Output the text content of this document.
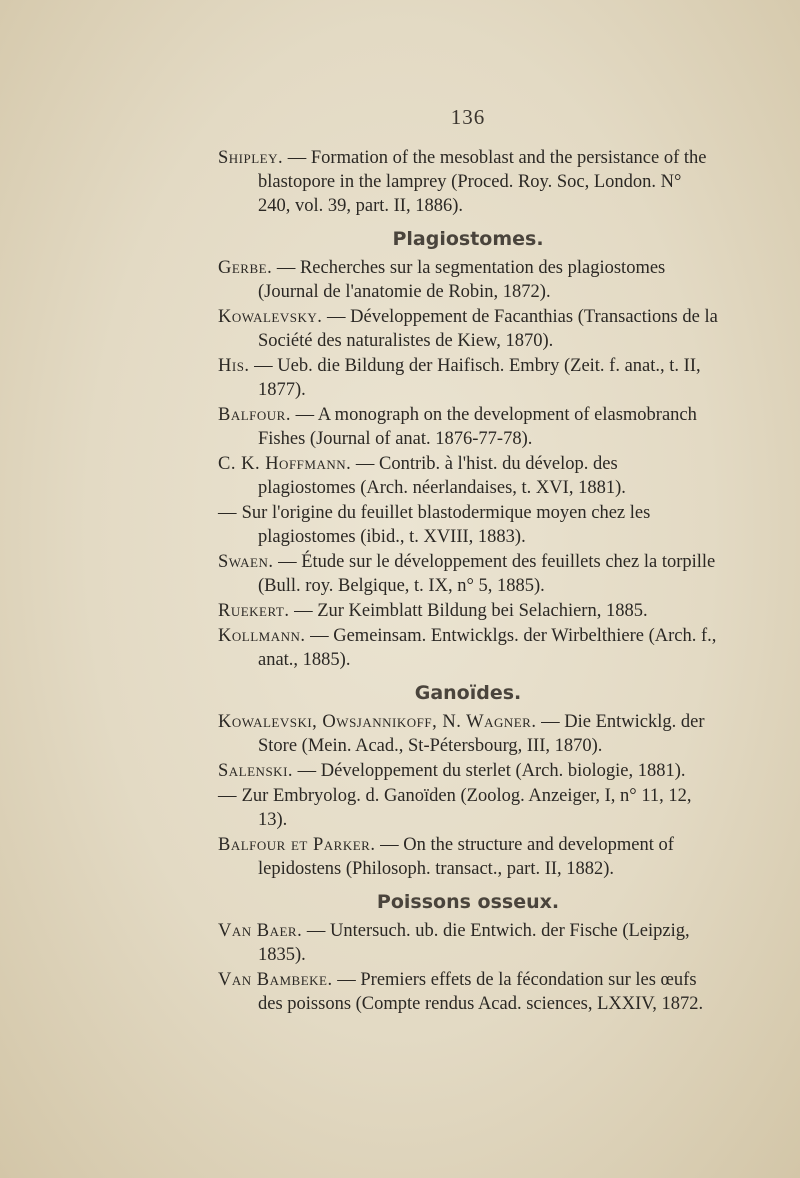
136
Shipley. — Formation of the mesoblast and the persistance of the blastopore in the lamprey (Proced. Roy. Soc, London. N° 240, vol. 39, part. II, 1886).
Plagiostomes.
Gerbe. — Recherches sur la segmentation des plagiostomes (Journal de l'anatomie de Robin, 1872).
Kowalevsky. — Développement de Facanthias (Transactions de la Société des naturalistes de Kiew, 1870).
His. — Ueb. die Bildung der Haifisch. Embry (Zeit. f. anat., t. II, 1877).
Balfour. — A monograph on the development of elasmobranch Fishes (Journal of anat. 1876-77-78).
C. K. Hoffmann. — Contrib. à l'hist. du dévelop. des plagiostomes (Arch. néerlandaises, t. XVI, 1881).
— Sur l'origine du feuillet blastodermique moyen chez les plagiostomes (ibid., t. XVIII, 1883).
Swaen. — Étude sur le développement des feuillets chez la torpille (Bull. roy. Belgique, t. IX, n° 5, 1885).
Ruekert. — Zur Keimblatt Bildung bei Selachiern, 1885.
Kollmann. — Gemeinsam. Entwicklgs. der Wirbelthiere (Arch. f., anat., 1885).
Ganoïdes.
Kowalevski, Owsjannikoff, N. Wagner. — Die Entwicklg. der Store (Mein. Acad., St-Pétersbourg, III, 1870).
Salenski. — Développement du sterlet (Arch. biologie, 1881).
— Zur Embryolog. d. Ganoïden (Zoolog. Anzeiger, I, n° 11, 12, 13).
Balfour et Parker. — On the structure and development of lepidostens (Philosoph. transact., part. II, 1882).
Poissons osseux.
Van Baer. — Untersuch. ub. die Entwich. der Fische (Leipzig, 1835).
Van Bambeke. — Premiers effets de la fécondation sur les œufs des poissons (Compte rendus Acad. sciences, LXXIV, 1872.
